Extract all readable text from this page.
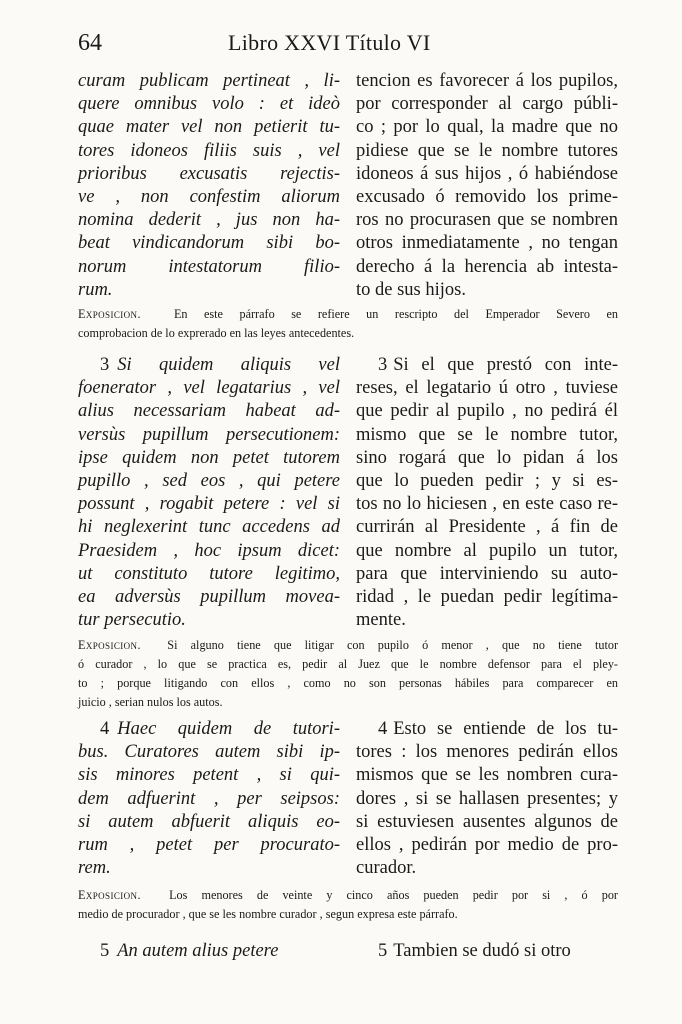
64	Libro XXVI Título VI
curam publicam pertineat , li-
quere omnibus volo : et ideò
quae mater vel non petierit tu-
tores idoneos filiis suis , vel
prioribus excusatis rejectis-
ve , non confestim aliorum
nomina dederit , jus non ha-
beat vindicandorum sibi bo-
norum intestatorum filio-
rum.
tencion es favorecer á los pupilos,
por corresponder al cargo públi-
co ; por lo qual, la madre que no
pidiese que se le nombre tutores
idoneos á sus hijos , ó habiéndose
excusado ó removido los prime-
ros no procurasen que se nombren
otros inmediatamente , no tengan
derecho á la herencia ab intesta-
to de sus hijos.
Exposicion.	En este párrafo se refiere un rescripto del Emperador Severo en
comprobacion de lo exprerado en las leyes antecedentes.
3 Si quidem aliquis vel
foenerator , vel legatarius , vel
alius necessariam habeat ad-
versùs pupillum persecutionem:
ipse quidem non petet tutorem
pupillo , sed eos , qui petere
possunt , rogabit petere : vel si
hi neglexerint tunc accedens ad
Praesidem , hoc ipsum dicet:
ut constituto tutore legitimo,
ea adversùs pupillum movea-
tur persecutio.
3 Si el que prestó con inte-
reses, el legatario ú otro , tuviese
que pedir al pupilo , no pedirá él
mismo que se le nombre tutor,
sino rogará que lo pidan á los
que lo pueden pedir ; y si es-
tos no lo hiciesen , en este caso re-
currirán al Presidente , á fin de
que nombre al pupilo un tutor,
para que interviniendo su auto-
ridad , le puedan pedir legítima-
mente.
Exposicion. Si alguno tiene que litigar con pupilo ó menor , que no tiene tutor
ó curador , lo que se practica es, pedir al Juez que le nombre defensor para el pley-
to ; porque litigando con ellos , como no son personas hábiles para comparecer en
juicio , serian nulos los autos.
4 Haec quidem de tutori-
bus. Curatores autem sibi ip-
sis minores petent , si qui-
dem adfuerint , per seipsos:
si autem abfuerit aliquis eo-
rum , petet per procurato-
rem.
4 Esto se entiende de los tu-
tores : los menores pedirán ellos
mismos que se les nombren cura-
dores , si se hallasen presentes; y
si estuviesen ausentes algunos de
ellos , pedirán por medio de pro-
curador.
Exposicion. Los menores de veinte y cinco años pueden pedir por si , ó por
medio de procurador , que se les nombre curador , segun expresa este párrafo.
5 An autem alius petere	5 Tambien se dudó si otro
